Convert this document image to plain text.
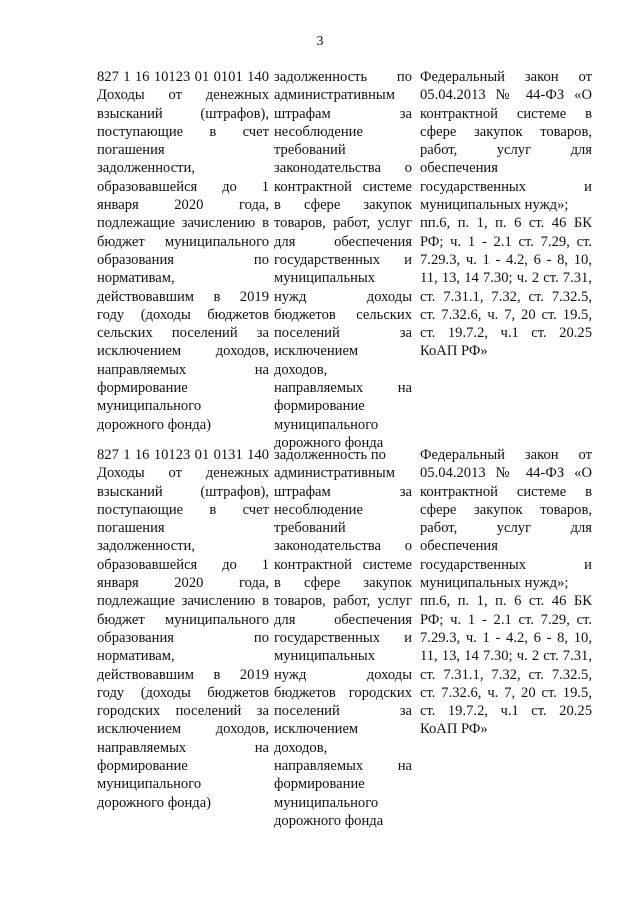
3
827 1 16 10123 01 0101 140
Доходы от денежных
взысканий (штрафов),
поступающие в счет
погашения
задолженности,
образовавшейся до 1
января 2020 года,
подлежащие зачислению в
бюджет муниципального
образования по
нормативам,
действовавшим в 2019
году (доходы бюджетов
сельских поселений за
исключением доходов,
направляемых на
формирование
муниципального
дорожного фонда)
задолженность по
административным
штрафам за
несоблюдение
требований
законодательства о
контрактной системе
в сфере закупок
товаров, работ, услуг
для обеспечения
государственных и
муниципальных
нужд доходы
бюджетов сельских
поселений за
исключением
доходов,
направляемых на
формирование
муниципального
дорожного фонда
Федеральный закон от
05.04.2013 № 44-ФЗ «О
контрактной системе в
сфере закупок товаров,
работ, услуг для
обеспечения
государственных и
муниципальных нужд»;
пп.6, п. 1, п. 6 ст. 46 БК
РФ; ч. 1 - 2.1 ст. 7.29, ст.
7.29.3, ч. 1 - 4.2, 6 - 8, 10,
11, 13, 14 7.30; ч. 2 ст. 7.31,
ст. 7.31.1, 7.32, ст. 7.32.5,
ст. 7.32.6, ч. 7, 20 ст. 19.5,
ст. 19.7.2, ч.1 ст. 20.25
КоАП РФ»
827 1 16 10123 01 0131 140
Доходы от денежных
взысканий (штрафов),
поступающие в счет
погашения
задолженности,
образовавшейся до 1
января 2020 года,
подлежащие зачислению в
бюджет муниципального
образования по
нормативам,
действовавшим в 2019
году (доходы бюджетов
городских поселений за
исключением доходов,
направляемых на
формирование
муниципального
дорожного фонда)
задолженность по
административным
штрафам за
несоблюдение
требований
законодательства о
контрактной системе
в сфере закупок
товаров, работ, услуг
для обеспечения
государственных и
муниципальных
нужд доходы
бюджетов городских
поселений за
исключением
доходов,
направляемых на
формирование
муниципального
дорожного фонда
Федеральный закон от
05.04.2013 № 44-ФЗ «О
контрактной системе в
сфере закупок товаров,
работ, услуг для
обеспечения
государственных и
муниципальных нужд»;
пп.6, п. 1, п. 6 ст. 46 БК
РФ; ч. 1 - 2.1 ст. 7.29, ст.
7.29.3, ч. 1 - 4.2, 6 - 8, 10,
11, 13, 14 7.30; ч. 2 ст. 7.31,
ст. 7.31.1, 7.32, ст. 7.32.5,
ст. 7.32.6, ч. 7, 20 ст. 19.5,
ст. 19.7.2, ч.1 ст. 20.25
КоАП РФ»
